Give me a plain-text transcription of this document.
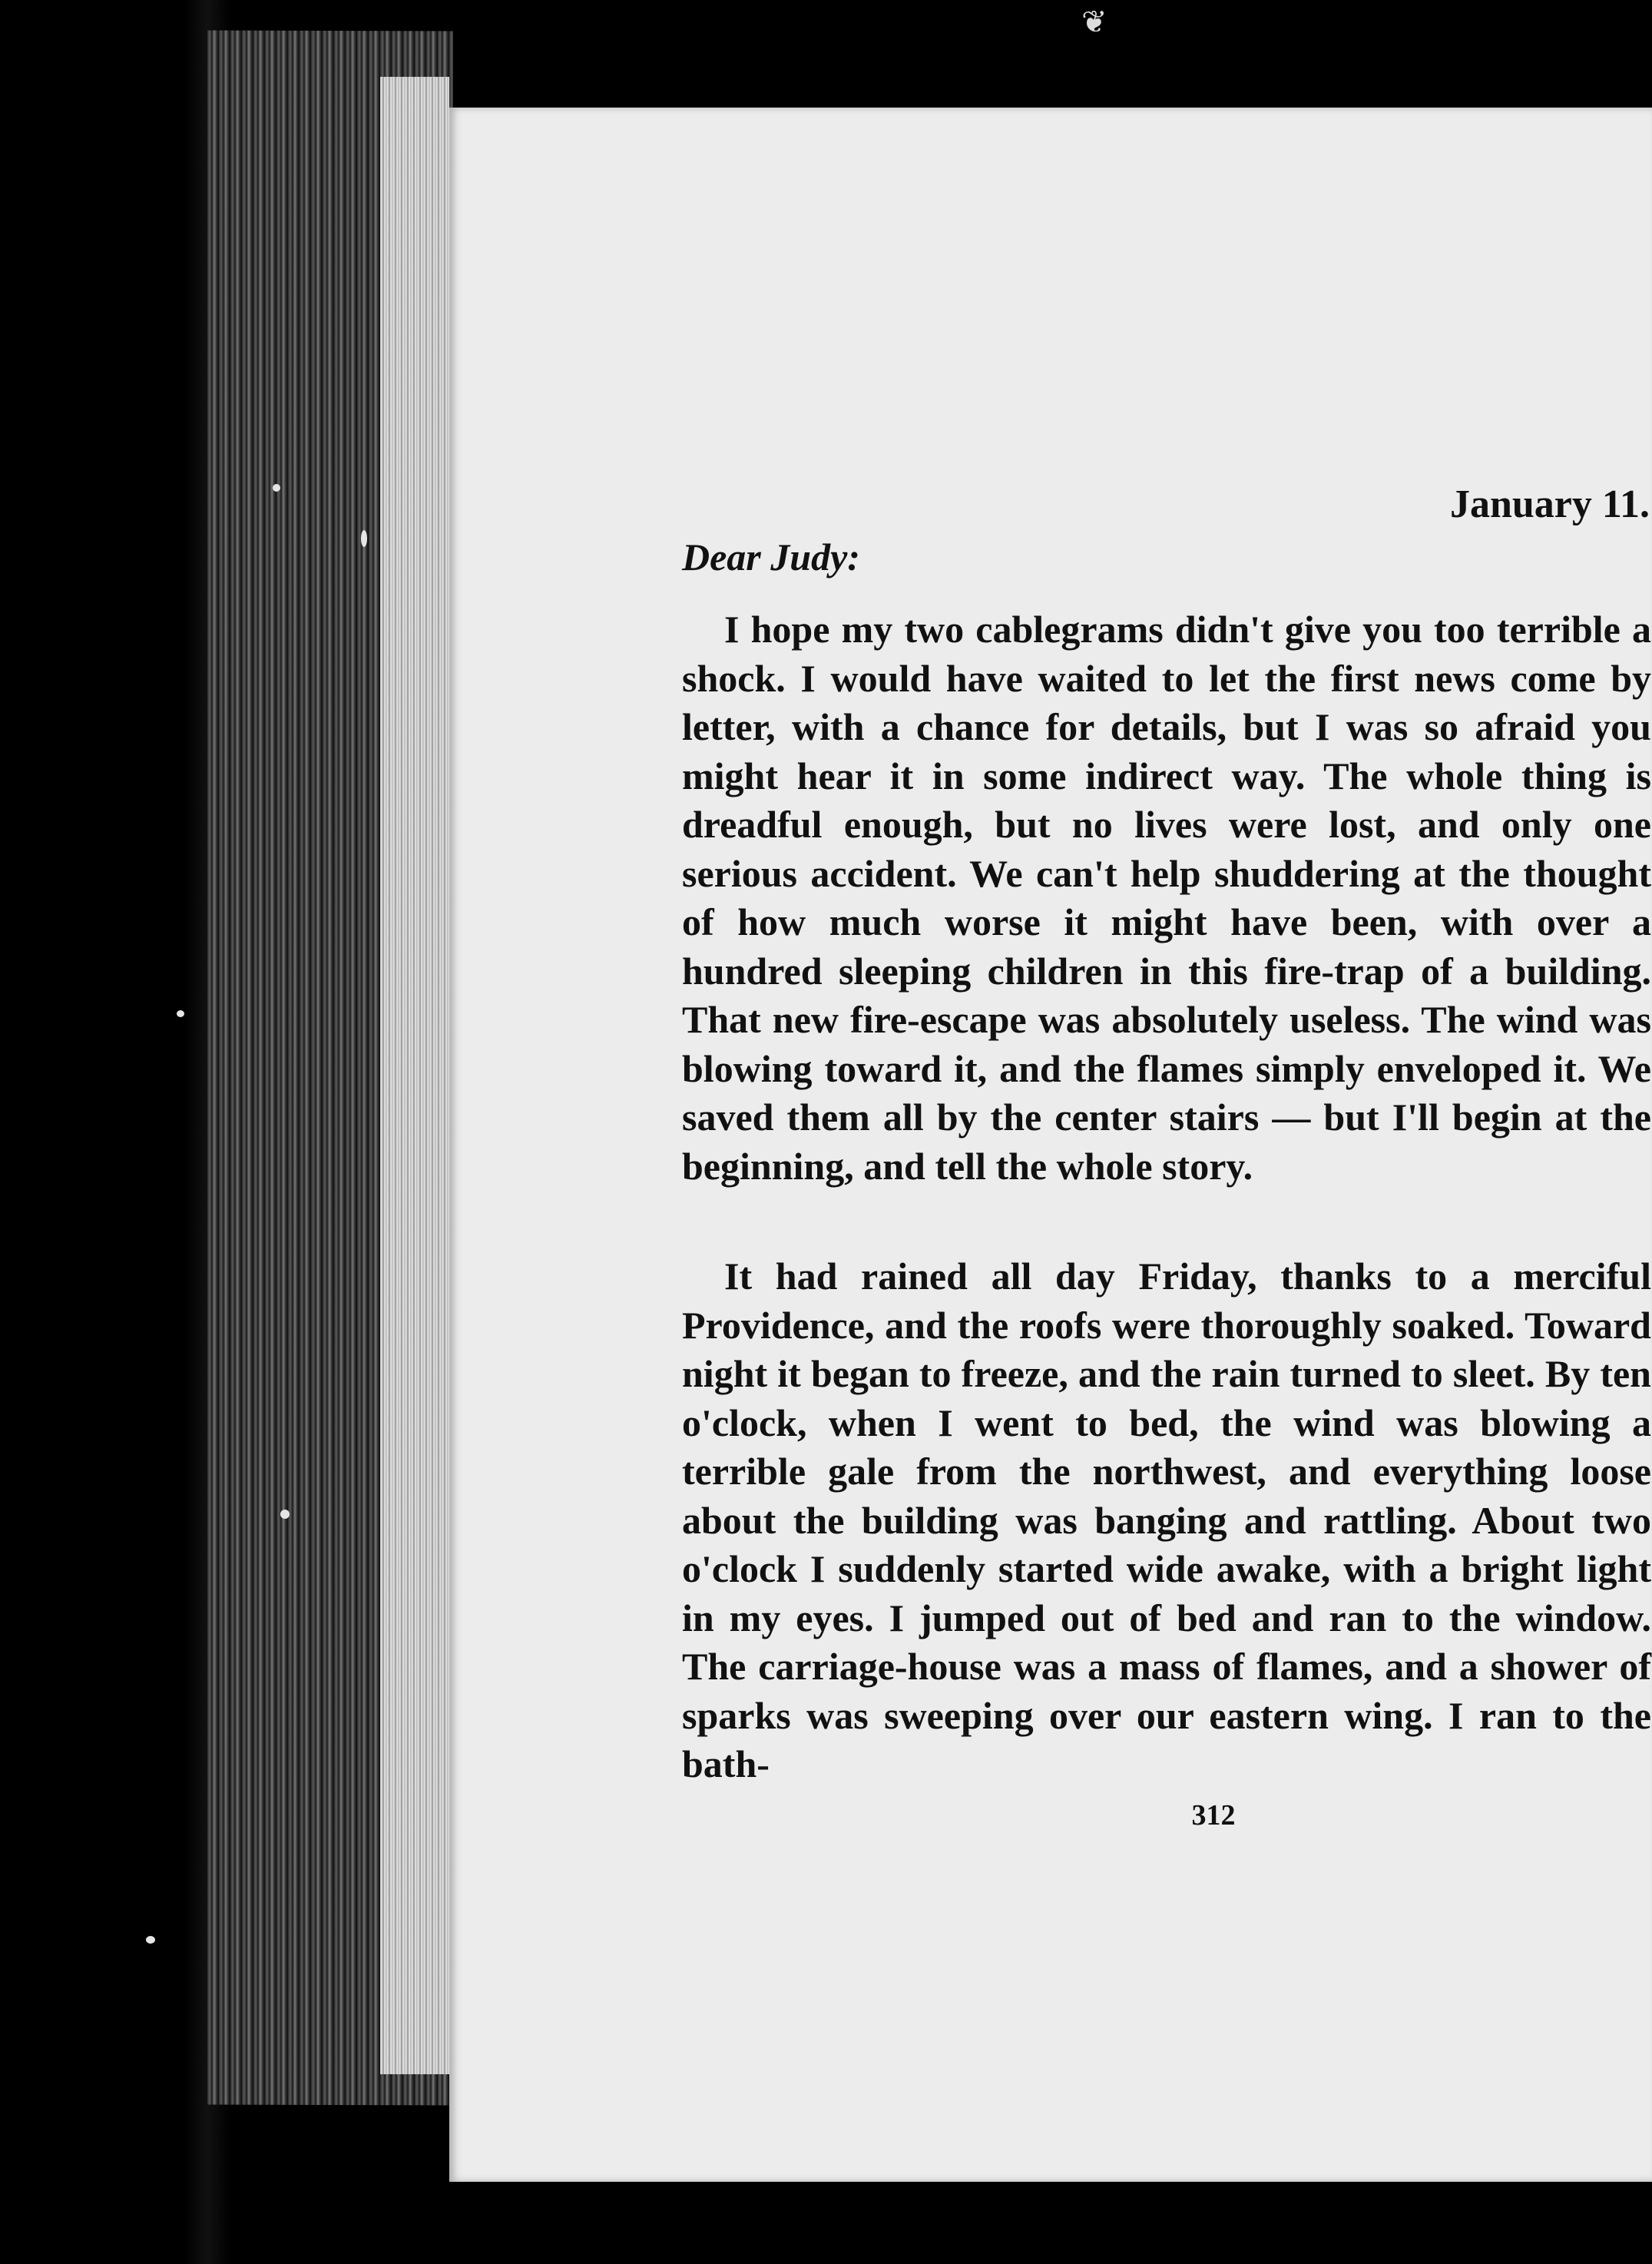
❦
January 11.
Dear Judy:

I hope my two cablegrams didn't give you too terrible a shock. I would have waited to let the first news come by letter, with a chance for details, but I was so afraid you might hear it in some indirect way. The whole thing is dreadful enough, but no lives were lost, and only one serious accident. We can't help shuddering at the thought of how much worse it might have been, with over a hundred sleeping children in this fire-trap of a building. That new fire-escape was absolutely useless. The wind was blowing toward it, and the flames simply enveloped it. We saved them all by the center stairs — but I'll begin at the beginning, and tell the whole story.

It had rained all day Friday, thanks to a merciful Providence, and the roofs were thoroughly soaked. Toward night it began to freeze, and the rain turned to sleet. By ten o'clock, when I went to bed, the wind was blowing a terrible gale from the northwest, and everything loose about the building was banging and rattling. About two o'clock I suddenly started wide awake, with a bright light in my eyes. I jumped out of bed and ran to the window. The carriage-house was a mass of flames, and a shower of sparks was sweeping over our eastern wing. I ran to the bath-

312
